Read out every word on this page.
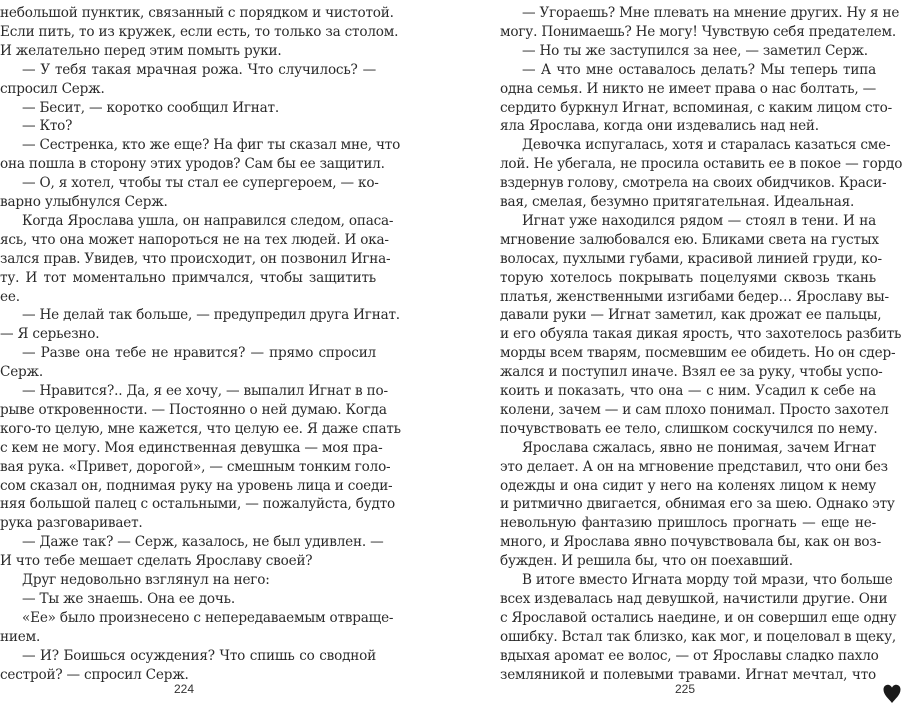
небольшой пунктик, связанный с порядком и чистотой.
Если пить, то из кружек, если есть, то только за столом.
И желательно перед этим помыть руки.
— У тебя такая мрачная рожа. Что случилось? —
спросил Серж.
— Бесит, — коротко сообщил Игнат.
— Кто?
— Сестренка, кто же еще? На фиг ты сказал мне, что
она пошла в сторону этих уродов? Сам бы ее защитил.
— О, я хотел, чтобы ты стал ее супергероем, — ко-
варно улыбнулся Серж.
Когда Ярослава ушла, он направился следом, опаса-
ясь, что она может напороться не на тех людей. И ока-
зался прав. Увидев, что происходит, он позвонил Игна-
ту. И тот моментально примчался, чтобы защитить
ее.
— Не делай так больше, — предупредил друга Игнат.
— Я серьезно.
— Разве она тебе не нравится? — прямо спросил
Серж.
— Нравится?.. Да, я ее хочу, — выпалил Игнат в по-
рыве откровенности. — Постоянно о ней думаю. Когда
кого-то целую, мне кажется, что целую ее. Я даже спать
с кем не могу. Моя единственная девушка — моя пра-
вая рука. «Привет, дорогой», — смешным тонким голо-
сом сказал он, поднимая руку на уровень лица и соеди-
няя большой палец с остальными, — пожалуйста, будто
рука разговаривает.
— Даже так? — Серж, казалось, не был удивлен. —
И что тебе мешает сделать Ярославу своей?
Друг недовольно взглянул на него:
— Ты же знаешь. Она ее дочь.
«Ее» было произнесено с непередаваемым отвраще-
нием.
— И? Боишься осуждения? Что спишь со сводной
сестрой? — спросил Серж.
— Угораешь? Мне плевать на мнение других. Ну я не
могу. Понимаешь? Не могу! Чувствую себя предателем.
— Но ты же заступился за нее, — заметил Серж.
— А что мне оставалось делать? Мы теперь типа
одна семья. И никто не имеет права о нас болтать, —
сердито буркнул Игнат, вспоминая, с каким лицом сто-
яла Ярослава, когда они издевались над ней.
Девочка испугалась, хотя и старалась казаться сме-
лой. Не убегала, не просила оставить ее в покое — гордо
вздернув голову, смотрела на своих обидчиков. Краси-
вая, смелая, безумно притягательная. Идеальная.
Игнат уже находился рядом — стоял в тени. И на
мгновение залюбовался ею. Бликами света на густых
волосах, пухлыми губами, красивой линией груди, ко-
торую хотелось покрывать поцелуями сквозь ткань
платья, женственными изгибами бедер… Ярославу вы-
давали руки — Игнат заметил, как дрожат ее пальцы,
и его обуяла такая дикая ярость, что захотелось разбить
морды всем тварям, посмевшим ее обидеть. Но он сдер-
жался и поступил иначе. Взял ее за руку, чтобы успо-
коить и показать, что она — с ним. Усадил к себе на
колени, зачем — и сам плохо понимал. Просто захотел
почувствовать ее тело, слишком соскучился по нему.
Ярослава сжалась, явно не понимая, зачем Игнат
это делает. А он на мгновение представил, что они без
одежды и она сидит у него на коленях лицом к нему
и ритмично двигается, обнимая его за шею. Однако эту
невольную фантазию пришлось прогнать — еще не-
много, и Ярослава явно почувствовала бы, как он воз-
бужден. И решила бы, что он поехавший.
В итоге вместо Игната морду той мрази, что больше
всех издевалась над девушкой, начистили другие. Они
с Ярославой остались наедине, и он совершил еще одну
ошибку. Встал так близко, как мог, и поцеловал в щеку,
вдыхая аромат ее волос, — от Ярославы сладко пахло
земляникой и полевыми травами. Игнат мечтал, что
224	225
